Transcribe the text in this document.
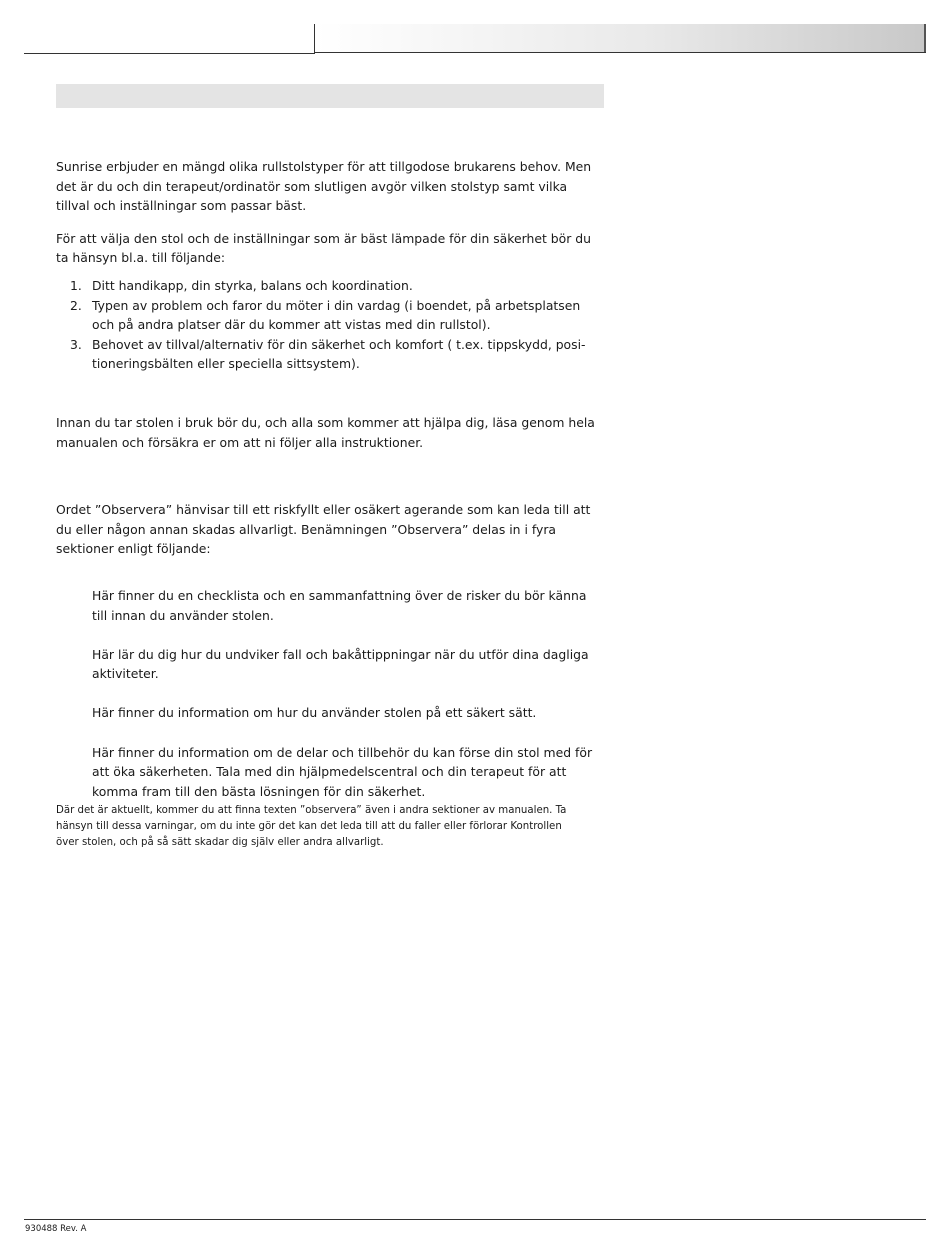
Sunrise erbjuder en mängd olika rullstolstyper för att tillgodose brukarens behov. Men det är du och din terapeut/ordinatör som slutligen avgör vilken stolstyp samt vilka tillval och inställningar som passar bäst.

För att välja den stol och de inställningar som är bäst lämpade för din säkerhet bör du ta hänsyn bl.a. till följande:

1. Ditt handikapp, din styrka, balans och koordination.
2. Typen av problem och faror du möter i din vardag (i boendet, på arbetsplatsen och på andra platser där du kommer att vistas med din rullstol).
3. Behovet av tillval/alternativ för din säkerhet och komfort ( t.ex. tippskydd, posi-tioneringsbälten eller speciella sittsystem).

Innan du tar stolen i bruk bör du, och alla som kommer att hjälpa dig, läsa genom hela manualen och försäkra er om att ni följer alla instruktioner.

Ordet ”Observera” hänvisar till ett riskfyllt eller osäkert agerande som kan leda till att du eller någon annan skadas allvarligt. Benämningen ”Observera” delas in i fyra sektioner enligt följande:

Här finner du en checklista och en sammanfattning över de risker du bör känna till innan du använder stolen.

Här lär du dig hur du undviker fall och bakåttippningar när du utför dina dagliga aktiviteter.

Här finner du information om hur du använder stolen på ett säkert sätt.

Här finner du information om de delar och tillbehör du kan förse din stol med för att öka säkerheten. Tala med din hjälpmedelscentral och din terapeut för att komma fram till den bästa lösningen för din säkerhet.

Där det är aktuellt, kommer du att finna texten ”observera” även i andra sektioner av manualen. Ta hänsyn till dessa varningar, om du inte gör det kan det leda till att du faller eller förlorar Kontrollen över stolen, och på så sätt skadar dig själv eller andra allvarligt.

930488 Rev. A
